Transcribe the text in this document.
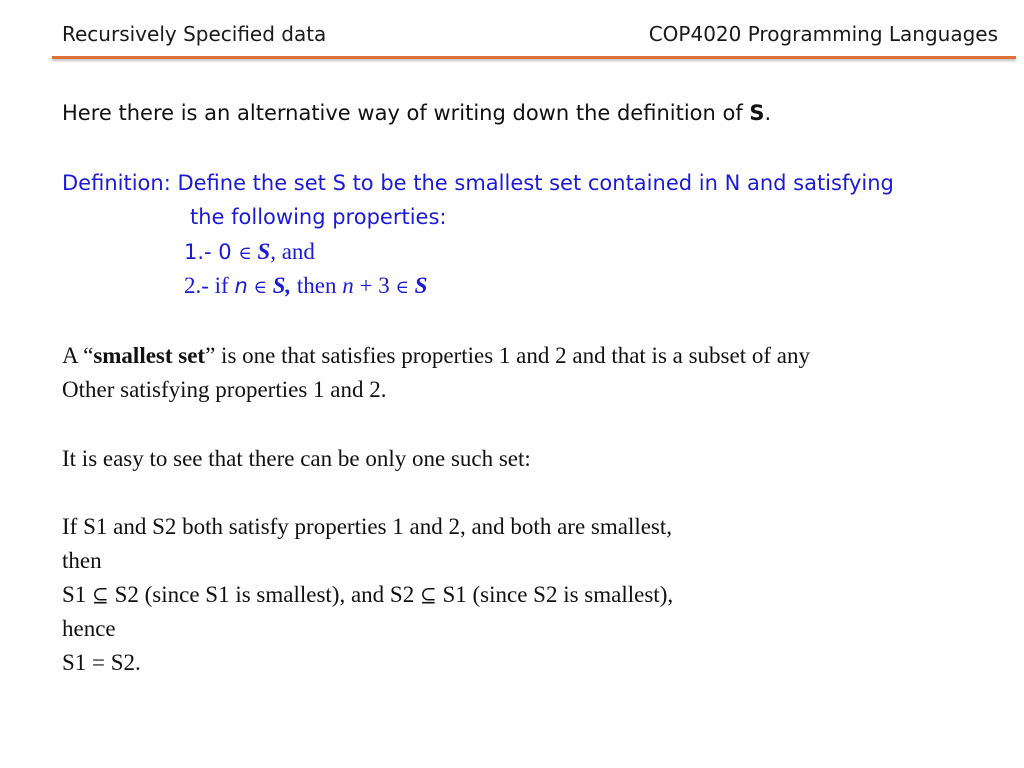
Recursively Specified data	COP4020 Programming Languages
Here there is an alternative way of writing down the definition of S.
Definition: Define the set S to be the smallest set contained in N and satisfying
the following properties:
1.- 0 ∈ S, and
2.- if n ∈ S, then n + 3 ∈ S
A “smallest set” is one that satisfies properties 1 and 2 and that is a subset of any
Other satisfying properties 1 and 2.
It is easy to see that there can be only one such set:
If S1 and S2 both satisfy properties 1 and 2, and both are smallest,
then
S1 ⊆ S2 (since S1 is smallest), and S2 ⊆ S1 (since S2 is smallest),
hence
S1 = S2.
